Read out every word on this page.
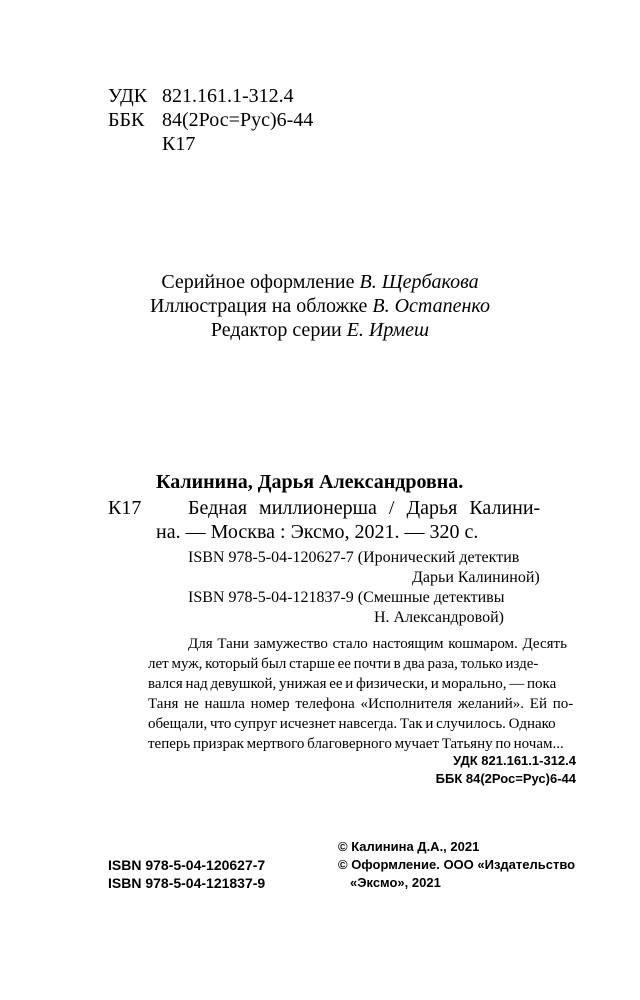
УДК 821.161.1-312.4
ББК 84(2Рос=Рус)6-44
К17
Серийное оформление В. Щербакова
Иллюстрация на обложке В. Остапенко
Редактор серии Е. Ирмеш
Калинина, Дарья Александровна.
К17 Бедная миллионерша / Дарья Калини-
на. — Москва : Эксмо, 2021. — 320 с.
ISBN 978-5-04-120627-7 (Иронический детектив
Дарьи Калининой)
ISBN 978-5-04-121837-9 (Смешные детективы
Н. Александровой)
Для Тани замужество стало настоящим кошмаром. Десять
лет муж, который был старше ее почти в два раза, только изде-
вался над девушкой, унижая ее и физически, и морально, — пока
Таня не нашла номер телефона «Исполнителя желаний». Ей по-
обещали, что супруг исчезнет навсегда. Так и случилось. Однако
теперь призрак мертвого благоверного мучает Татьяну по ночам...
УДК 821.161.1-312.4
ББК 84(2Рос=Рус)6-44
ISBN 978-5-04-120627-7
ISBN 978-5-04-121837-9
© Калинина Д.А., 2021
© Оформление. ООО «Издательство
«Эксмо», 2021
